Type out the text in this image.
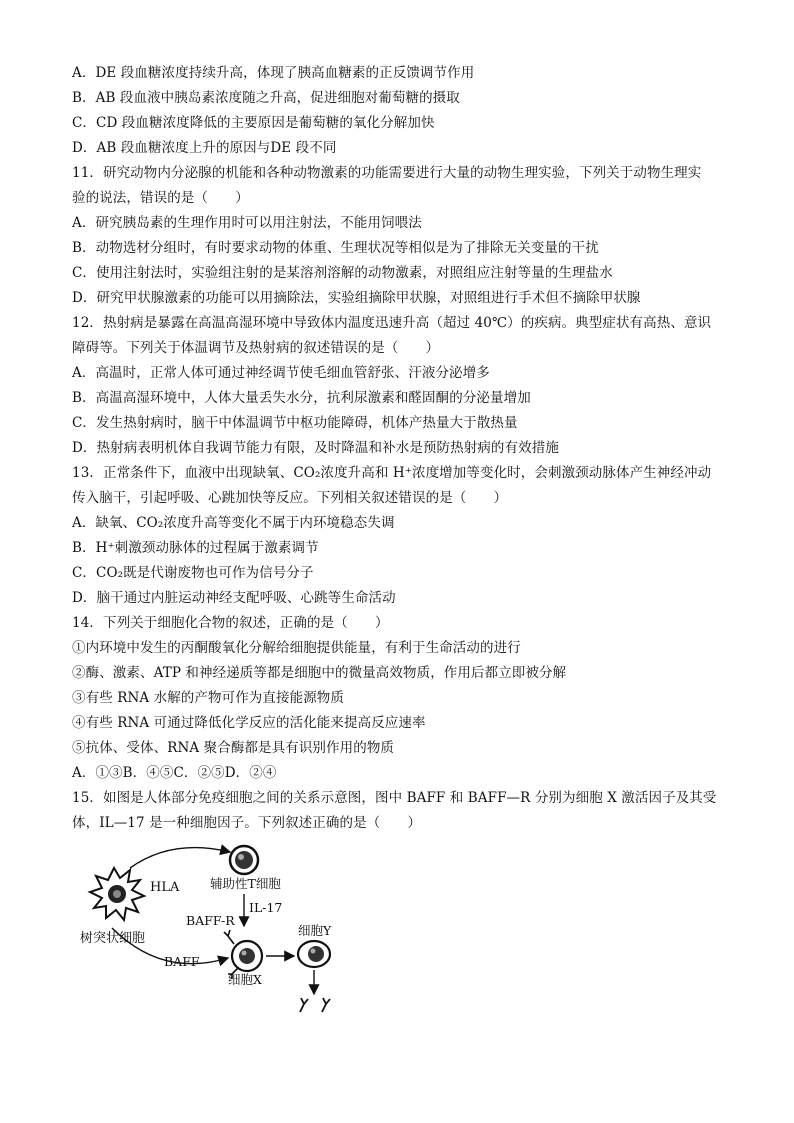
A．DE 段血糖浓度持续升高，体现了胰高血糖素的正反馈调节作用
B．AB 段血液中胰岛素浓度随之升高，促进细胞对葡萄糖的摄取
C．CD 段血糖浓度降低的主要原因是葡萄糖的氧化分解加快
D．AB 段血糖浓度上升的原因与DE 段不同
11．研究动物内分泌腺的机能和各种动物激素的功能需要进行大量的动物生理实验，下列关于动物生理实
验的说法，错误的是（　　）
A．研究胰岛素的生理作用时可以用注射法，不能用饲喂法
B．动物选材分组时，有时要求动物的体重、生理状况等相似是为了排除无关变量的干扰
C．使用注射法时，实验组注射的是某溶剂溶解的动物激素，对照组应注射等量的生理盐水
D．研究甲状腺激素的功能可以用摘除法，实验组摘除甲状腺，对照组进行手术但不摘除甲状腺
12．热射病是暴露在高温高湿环境中导致体内温度迅速升高（超过 40℃）的疾病。典型症状有高热、意识
障碍等。下列关于体温调节及热射病的叙述错误的是（　　）
A．高温时，正常人体可通过神经调节使毛细血管舒张、汗液分泌增多
B．高温高湿环境中，人体大量丢失水分，抗利尿激素和醛固酮的分泌量增加
C．发生热射病时，脑干中体温调节中枢功能障碍，机体产热量大于散热量
D．热射病表明机体自我调节能力有限，及时降温和补水是预防热射病的有效措施
13．正常条件下，血液中出现缺氧、CO₂浓度升高和 H⁺浓度增加等变化时，会刺激颈动脉体产生神经冲动
传入脑干，引起呼吸、心跳加快等反应。下列相关叙述错误的是（　　）
A．缺氧、CO₂浓度升高等变化不属于内环境稳态失调
B．H⁺刺激颈动脉体的过程属于激素调节
C．CO₂既是代谢废物也可作为信号分子
D．脑干通过内脏运动神经支配呼吸、心跳等生命活动
14．下列关于细胞化合物的叙述，正确的是（　　）
①内环境中发生的丙酮酸氧化分解给细胞提供能量，有利于生命活动的进行
②酶、激素、ATP 和神经递质等都是细胞中的微量高效物质，作用后都立即被分解
③有些 RNA 水解的产物可作为直接能源物质
④有些 RNA 可通过降低化学反应的活化能来提高反应速率
⑤抗体、受体、RNA 聚合酶都是具有识别作用的物质
A．①③B．④⑤C．②⑤D．②④
15．如图是人体部分免疫细胞之间的关系示意图，图中 BAFF 和 BAFF—R 分别为细胞 X 激活因子及其受
体，IL—17 是一种细胞因子。下列叙述正确的是（　　）
HLA
树突状细胞
辅助性T细胞
IL-17
BAFF-R
BAFF
细胞X
细胞Y
